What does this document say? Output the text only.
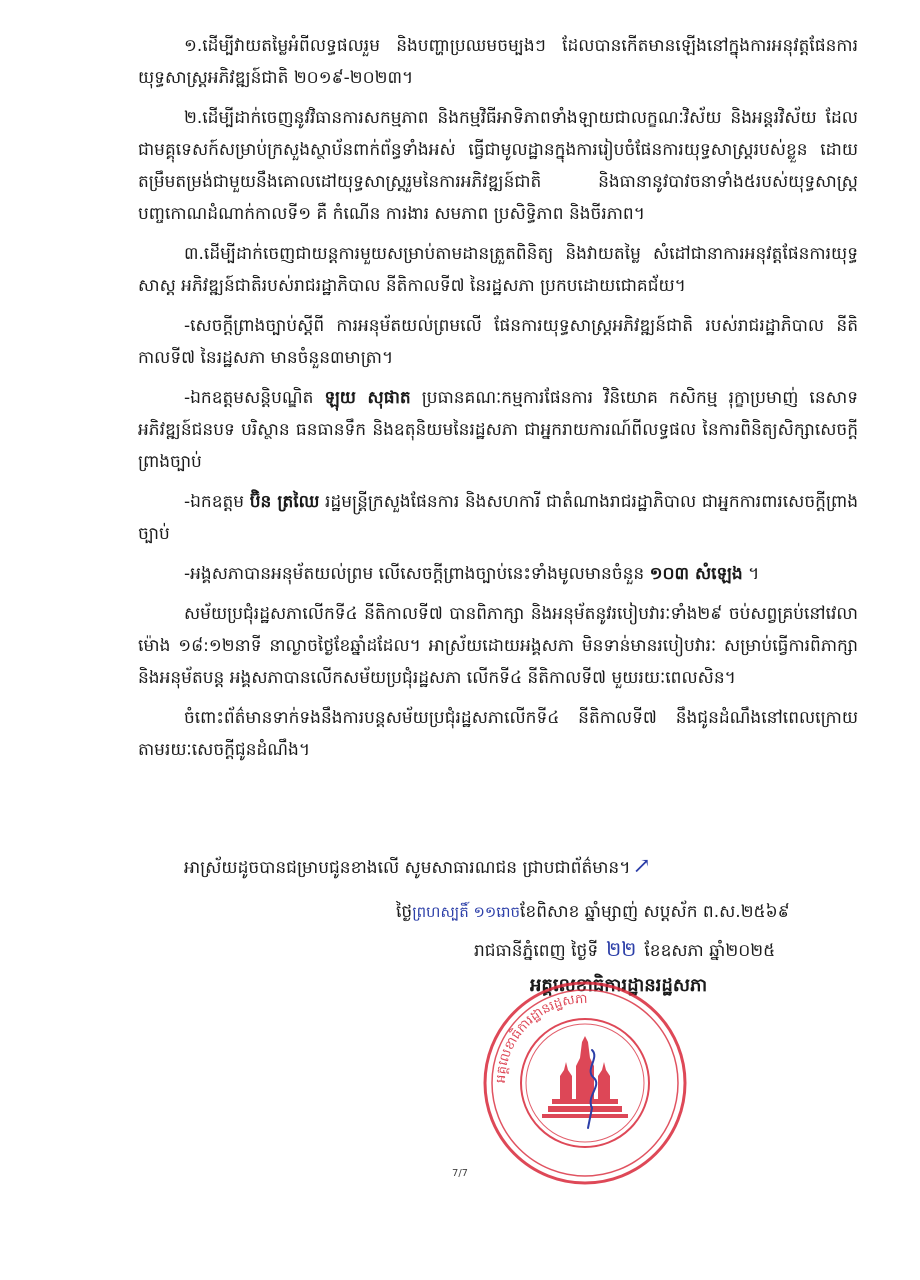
១.ដើម្បីវាយតម្លៃអំពីលទ្ធផលរួម និងបញ្ហាប្រឈមចម្បងៗ ដែលបានកើតមានឡើងនៅក្នុងការអនុវត្តផែនការ យុទ្ធសាស្ត្រអភិវឌ្ឍន៍ជាតិ ២០១៩-២០២៣។

២.ដើម្បីដាក់ចេញនូវវិធានការសកម្មភាព និងកម្មវិធីអាទិភាពទាំងឡាយជាលក្ខណៈវិស័យ និងអន្តរវិស័យ ដែលជាមគ្គុទេសក៍សម្រាប់ក្រសួងស្ថាប័នពាក់ព័ន្ធទាំងអស់ ធ្វើជាមូលដ្ឋានក្នុងការរៀបចំផែនការយុទ្ធសាស្ត្ររបស់ខ្លួន ដោយតម្រឹមតម្រង់ជាមួយនឹងគោលដៅយុទ្ធសាស្ត្ររួមនៃការអភិវឌ្ឍន៍ជាតិ និងធានានូវបាវចនាទាំង៥របស់យុទ្ធសាស្ត្របញ្ចកោណដំណាក់កាលទី១ គឺ កំណើន ការងារ សមភាព ប្រសិទ្ធិភាព និងចីរភាព។

៣.ដើម្បីដាក់ចេញជាយន្តការមួយសម្រាប់តាមដានត្រួតពិនិត្យ និងវាយតម្លៃ សំដៅជានាការអនុវត្តផែនការយុទ្ធសាស្ត អភិវឌ្ឍន៍ជាតិរបស់រាជរដ្ឋាភិបាល នីតិកាលទី៧ នៃរដ្ឋសភា ប្រកបដោយជោគជ័យ។

-សេចក្តីព្រាងច្បាប់ស្តីពី ការអនុម័តយល់ព្រមលើ ផែនការយុទ្ធសាស្ត្រអភិវឌ្ឍន៍ជាតិ របស់រាជរដ្ឋាភិបាល នីតិកាលទី៧ នៃរដ្ឋសភា មានចំនួន៣មាត្រា។

-ឯកឧត្តមសន្តិបណ្ឌិត ឡុយ សុផាត ប្រធានគណៈកម្មការផែនការ វិនិយោគ កសិកម្ម រុក្ខាប្រមាញ់ នេសាទ អភិវឌ្ឍន៍ជនបទ បរិស្ថាន ធនធានទឹក និងឧតុនិយមនៃរដ្ឋសភា ជាអ្នករាយការណ៍ពីលទ្ធផល នៃការពិនិត្យសិក្សាសេចក្តីព្រាងច្បាប់

-ឯកឧត្តម ប៊ិន ត្រឈៃ រដ្ឋមន្ត្រីក្រសួងផែនការ និងសហការី ជាតំណាងរាជរដ្ឋាភិបាល ជាអ្នកការពារសេចក្តីព្រាងច្បាប់

-អង្គសភាបានអនុម័តយល់ព្រម លើសេចក្តីព្រាងច្បាប់នេះទាំងមូលមានចំនួន ១០៣ សំឡេង ។

សម័យប្រជុំរដ្ឋសភាលើកទី៤ នីតិកាលទី៧ បានពិភាក្សា និងអនុម័តនូវរបៀបវារៈទាំង២៩ ចប់សព្វគ្រប់នៅវេលាម៉ោង ១៨:១២នាទី នាល្ងាចថ្ងៃខែឆ្នាំដដែល។ អាស្រ័យដោយអង្គសភា មិនទាន់មានរបៀបវារៈ សម្រាប់ធ្វើការពិភាក្សា និងអនុម័តបន្ត អង្គសភាបានលើកសម័យប្រជុំរដ្ឋសភា លើកទី៤ នីតិកាលទី៧ មួយរយៈពេលសិន។

ចំពោះព័ត៌មានទាក់ទងនឹងការបន្តសម័យប្រជុំរដ្ឋសភាលើកទី៤ នីតិកាលទី៧ នឹងជូនដំណឹងនៅពេលក្រោយ តាមរយៈសេចក្តីជូនដំណឹង។

អាស្រ័យដូចបានជម្រាបជូនខាងលើ សូមសាធារណជន ជ្រាបជាព័ត៌មាន។↗
ថ្ងៃព្រហស្បតិ៍ ១១រោចខែពិសាខ ឆ្នាំម្សាញ់ សប្តស័ក ព.ស.២៥៦៩
រាជធានីភ្នំពេញ ថ្ងៃទី ២២ ខែឧសភា ឆ្នាំ២០២៥
អគ្គលេខាធិការដ្ឋានរដ្ឋសភា
អគ្គលេខាធិការដ្ឋានរដ្ឋសភា
7/7
